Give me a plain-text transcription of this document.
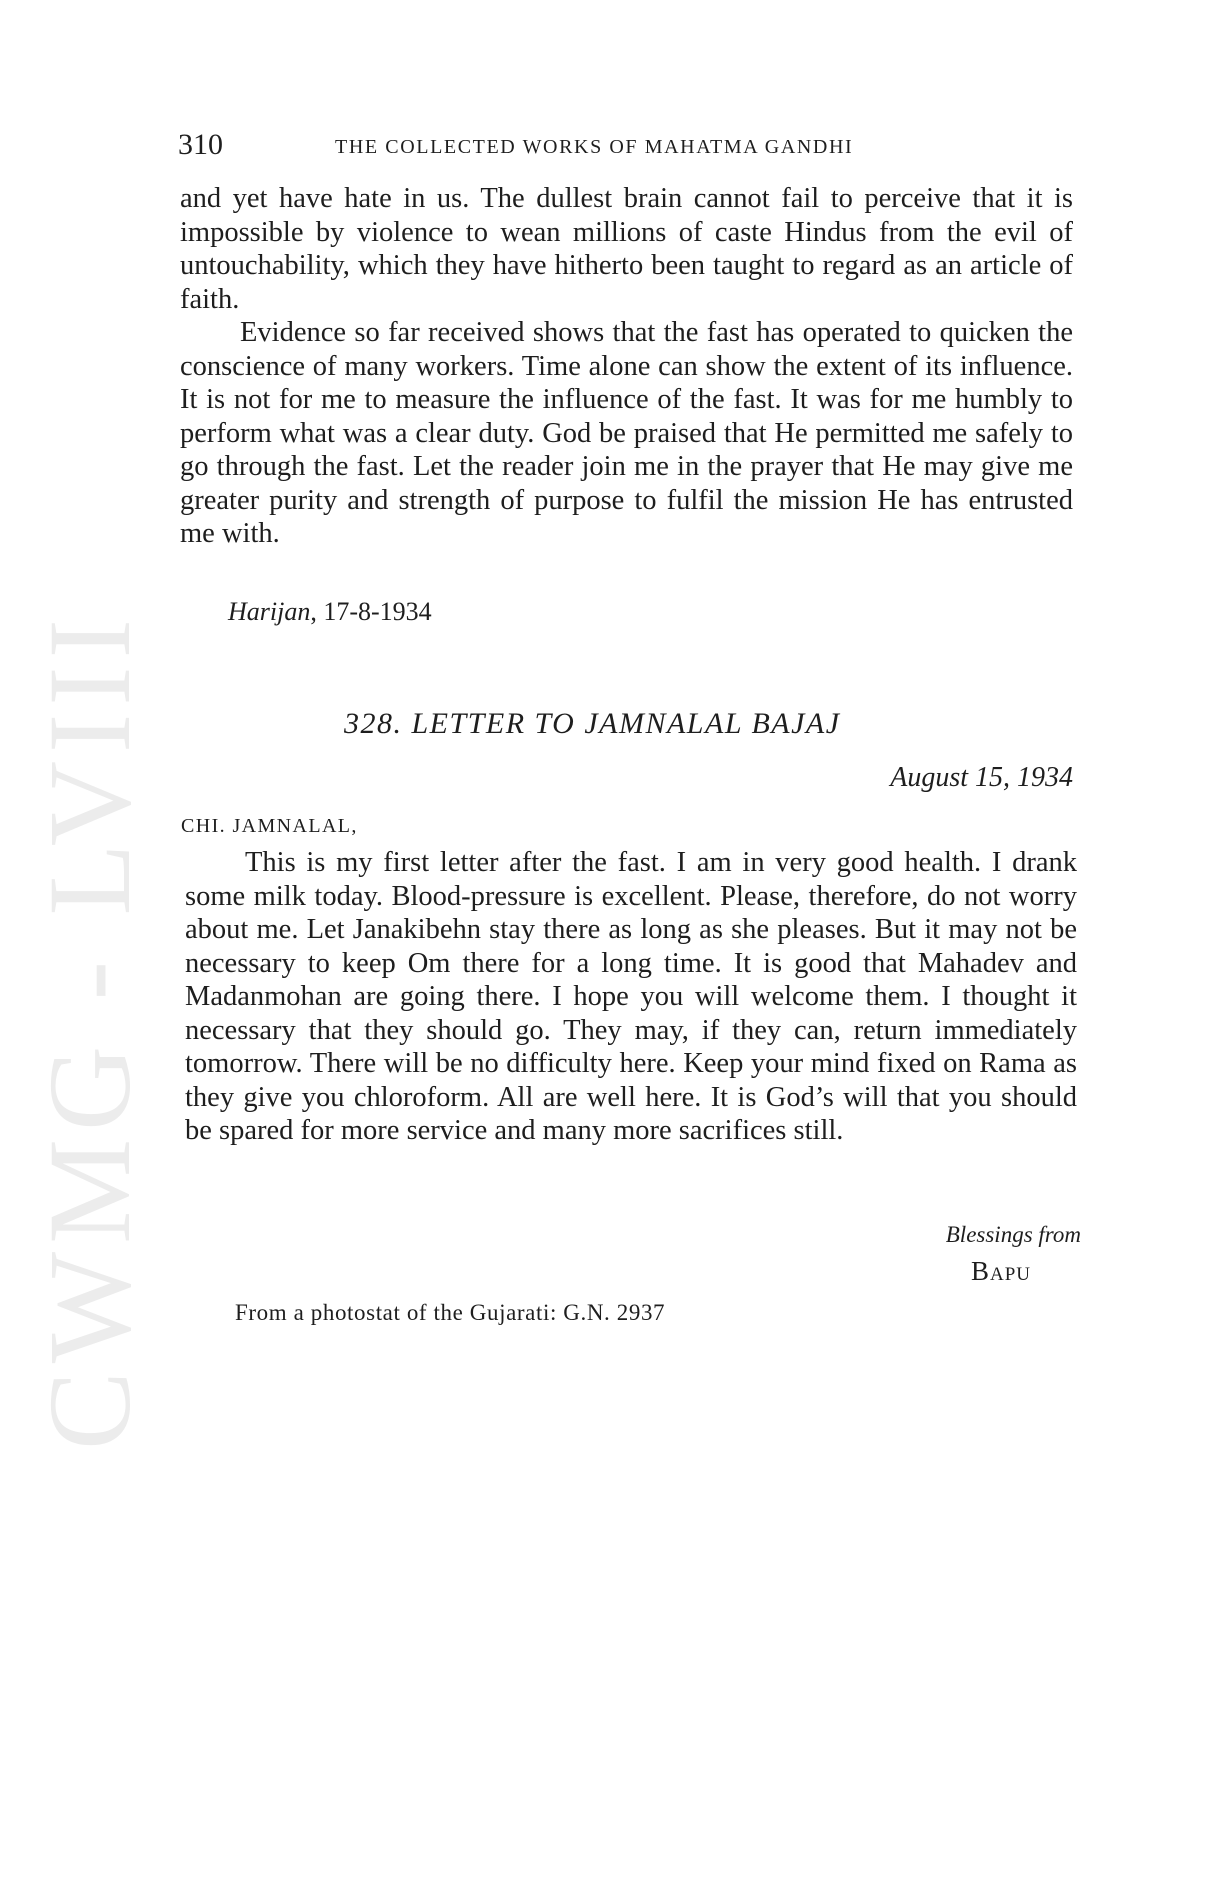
CWMG - LVIII
310	THE COLLECTED WORKS OF MAHATMA GANDHI

and yet have hate in us. The dullest brain cannot fail to perceive that it is impossible by violence to wean millions of caste Hindus from the evil of untouchability, which they have hitherto been taught to regard as an article of faith.

Evidence so far received shows that the fast has operated to quicken the conscience of many workers. Time alone can show the extent of its influence. It is not for me to measure the influence of the fast. It was for me humbly to perform what was a clear duty. God be praised that He permitted me safely to go through the fast. Let the reader join me in the prayer that He may give me greater purity and strength of purpose to fulfil the mission He has entrusted me with.

Harijan, 17-8-1934
328. LETTER TO JAMNALAL BAJAJ
August 15, 1934
CHI. JAMNALAL,

This is my first letter after the fast. I am in very good health. I drank some milk today. Blood-pressure is excellent. Please, therefore, do not worry about me. Let Janakibehn stay there as long as she pleases. But it may not be necessary to keep Om there for a long time. It is good that Mahadev and Madanmohan are going there. I hope you will welcome them. I thought it necessary that they should go. They may, if they can, return immediately tomorrow. There will be no difficulty here. Keep your mind fixed on Rama as they give you chloroform. All are well here. It is God’s will that you should be spared for more service and many more sacrifices still.

Blessings from
Bapu
From a photostat of the Gujarati: G.N. 2937
